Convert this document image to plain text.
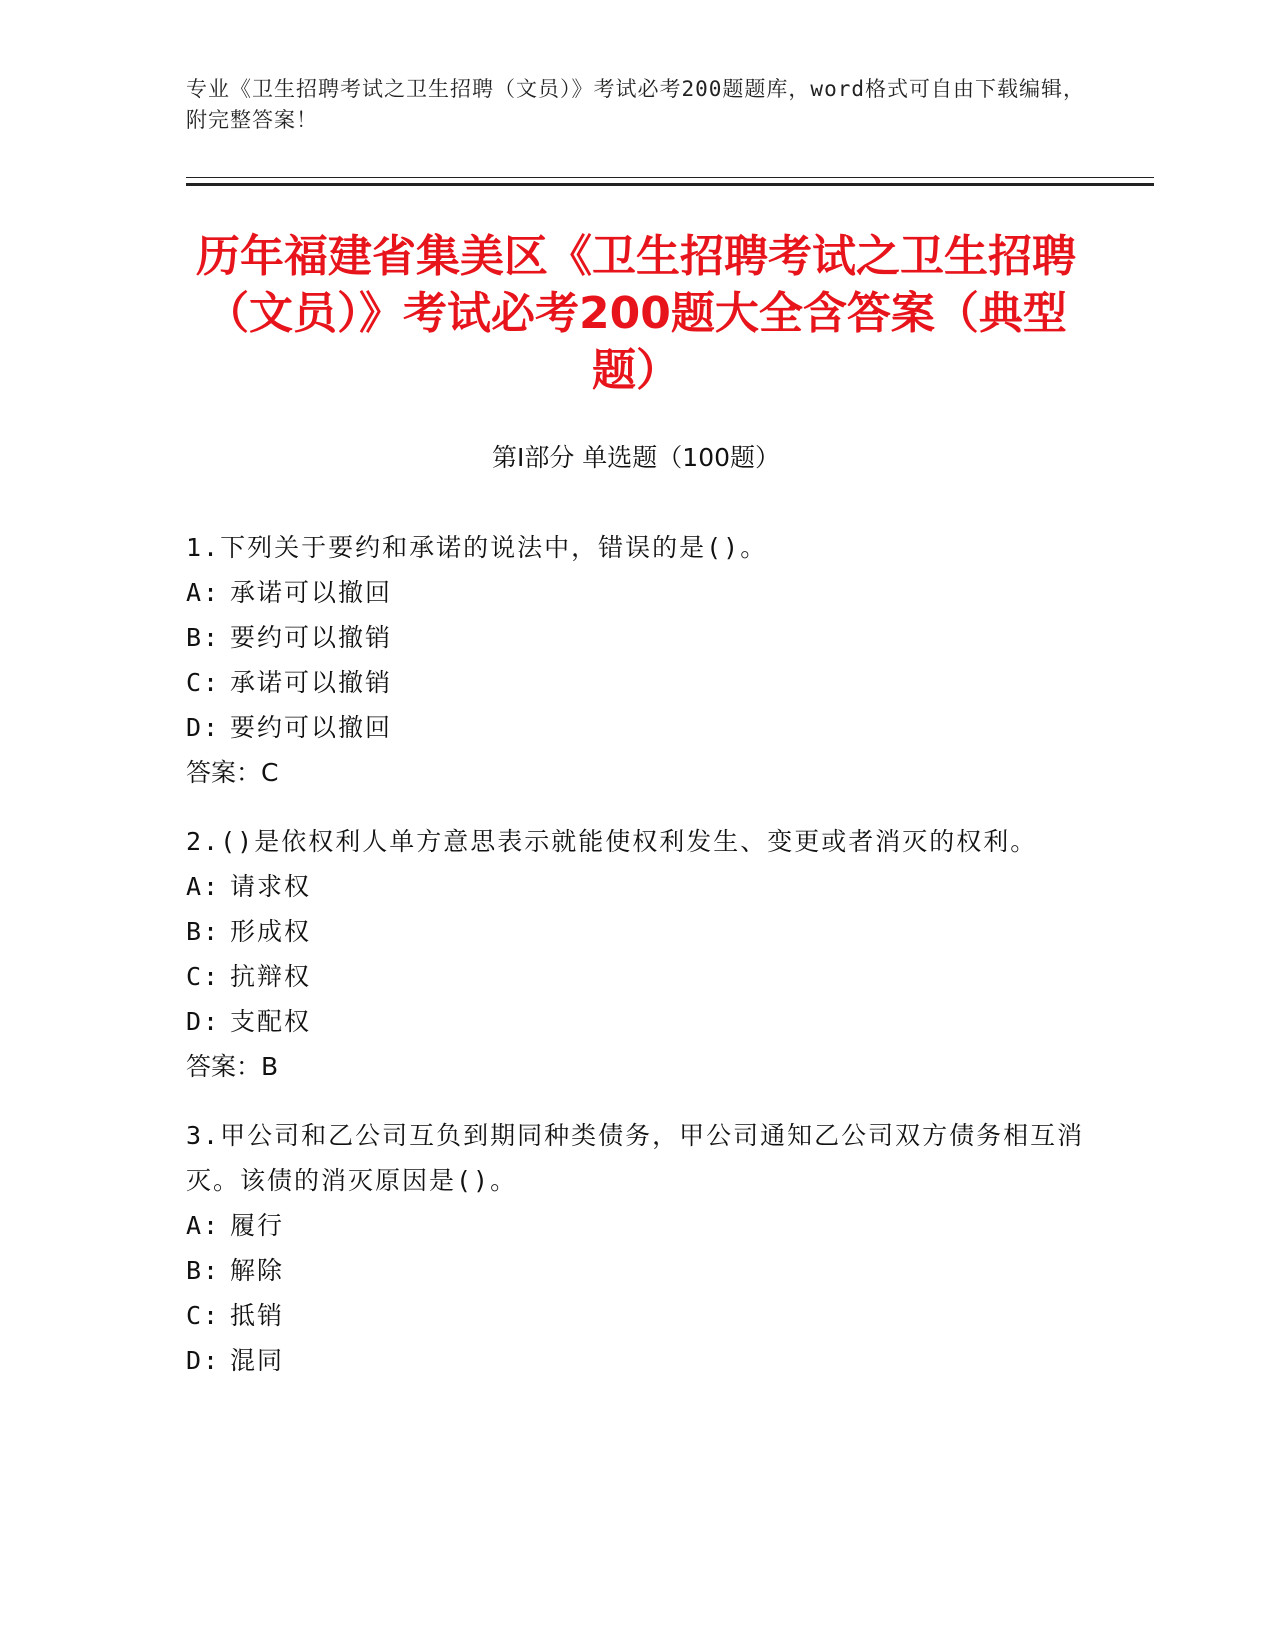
专业《卫生招聘考试之卫生招聘（文员）》考试必考200题题库，word格式可自由下载编辑，附完整答案！
历年福建省集美区《卫生招聘考试之卫生招聘（文员）》考试必考200题大全含答案（典型题）
第Ⅰ部分 单选题（100题）
1.下列关于要约和承诺的说法中，错误的是()。
A: 承诺可以撤回
B: 要约可以撤销
C: 承诺可以撤销
D: 要约可以撤回
答案：C
2.()是依权利人单方意思表示就能使权利发生、变更或者消灭的权利。
A: 请求权
B: 形成权
C: 抗辩权
D: 支配权
答案：B
3.甲公司和乙公司互负到期同种类债务，甲公司通知乙公司双方债务相互消灭。该债的消灭原因是()。
A: 履行
B: 解除
C: 抵销
D: 混同
